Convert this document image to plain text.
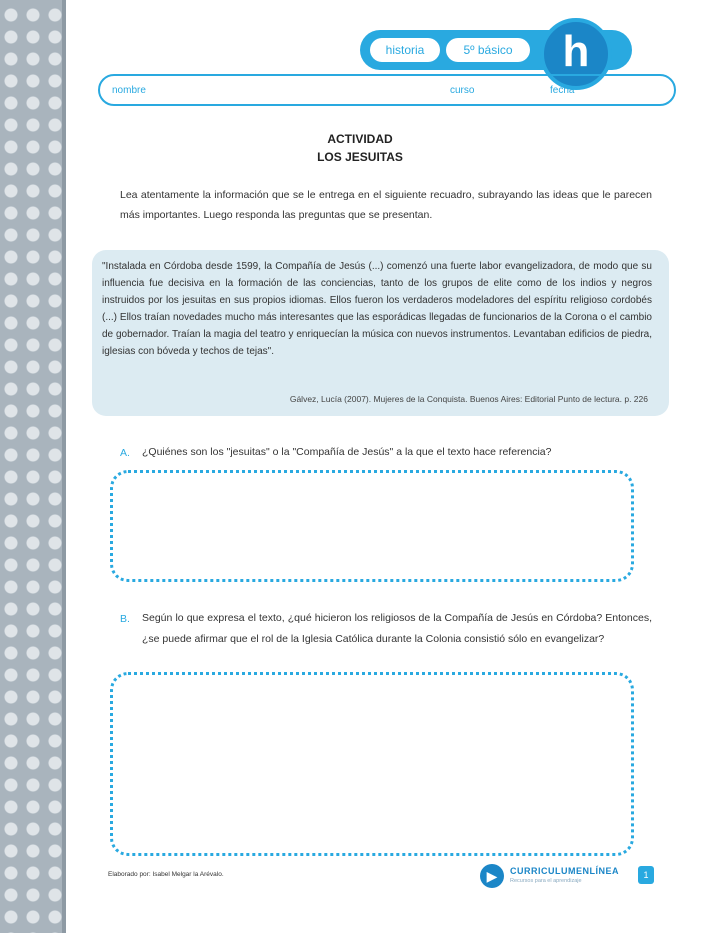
historia	5º básico	h
nombre	curso	fecha
ACTIVIDAD
LOS JESUITAS
Lea atentamente la información que se le entrega en el siguiente recuadro, subrayando las ideas que le parecen más importantes. Luego responda las preguntas que se presentan.
"Instalada en Córdoba desde 1599, la Compañía de Jesús (...) comenzó una fuerte labor evangelizadora, de modo que su influencia fue decisiva en la formación de las conciencias, tanto de los grupos de elite como de los indios y negros instruidos por los jesuitas en sus propios idiomas. Ellos fueron los verdaderos modeladores del espíritu religioso cordobés (...) Ellos traían novedades mucho más interesantes que las esporádicas llegadas de funcionarios de la Corona o el cambio de gobernador. Traían la magia del teatro y enriquecían la música con nuevos instrumentos. Levantaban edificios de piedra, iglesias con bóveda y techos de tejas".
Gálvez, Lucía (2007). Mujeres de la Conquista. Buenos Aires: Editorial Punto de lectura. p. 226
A. ¿Quiénes son los "jesuitas" o la "Compañía de Jesús" a la que el texto hace referencia?
B. Según lo que expresa el texto, ¿qué hicieron los religiosos de la Compañía de Jesús en Córdoba? Entonces, ¿se puede afirmar que el rol de la Iglesia Católica durante la Colonia consistió sólo en evangelizar?
Elaborado por: Isabel Melgar la Arévalo.	▶	CURRICULUMENLÍNEA
Recursos para el aprendizaje
1
